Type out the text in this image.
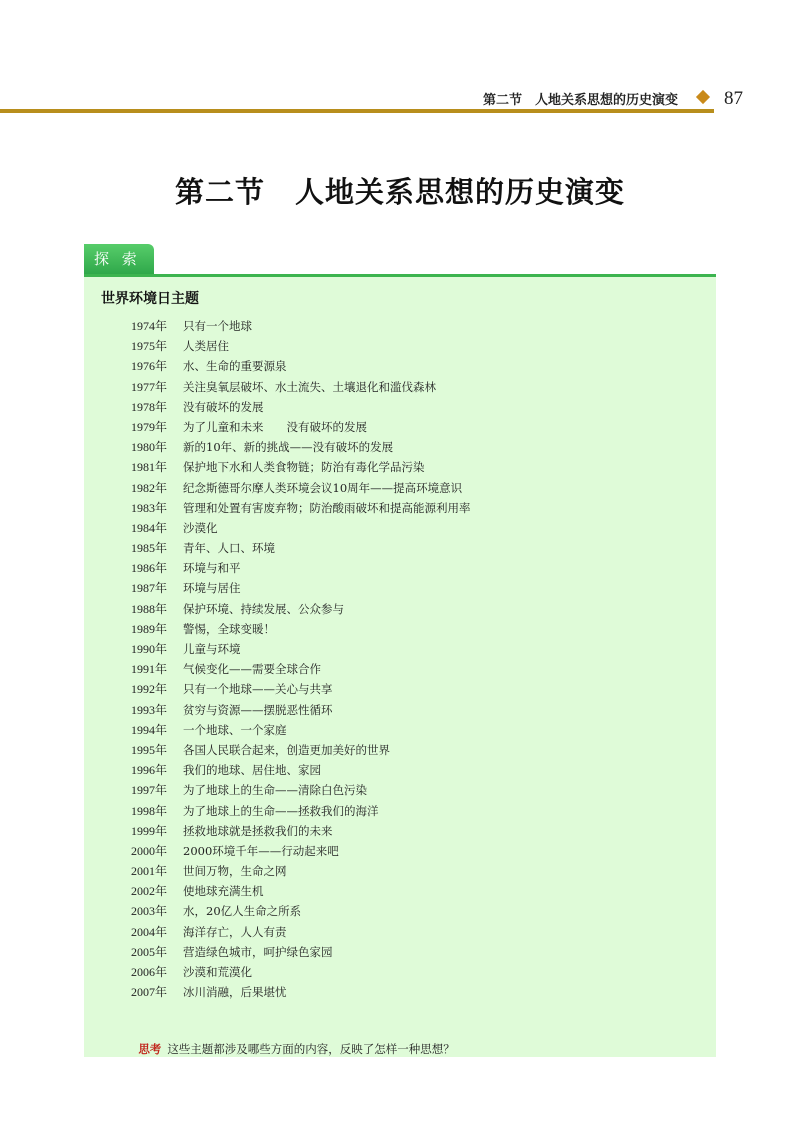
第二节　人地关系思想的历史演变 87
第二节　人地关系思想的历史演变
探 索
世界环境日主题
1974年 只有一个地球
1975年 人类居住
1976年 水、生命的重要源泉
1977年 关注臭氧层破坏、水土流失、土壤退化和滥伐森林
1978年 没有破坏的发展
1979年 为了儿童和未来　　没有破坏的发展
1980年 新的10年、新的挑战——没有破坏的发展
1981年 保护地下水和人类食物链；防治有毒化学品污染
1982年 纪念斯德哥尔摩人类环境会议10周年——提高环境意识
1983年 管理和处置有害废弃物；防治酸雨破坏和提高能源利用率
1984年 沙漠化
1985年 青年、人口、环境
1986年 环境与和平
1987年 环境与居住
1988年 保护环境、持续发展、公众参与
1989年 警惕，全球变暖！
1990年 儿童与环境
1991年 气候变化——需要全球合作
1992年 只有一个地球——关心与共享
1993年 贫穷与资源——摆脱恶性循环
1994年 一个地球、一个家庭
1995年 各国人民联合起来，创造更加美好的世界
1996年 我们的地球、居住地、家园
1997年 为了地球上的生命——清除白色污染
1998年 为了地球上的生命——拯救我们的海洋
1999年 拯救地球就是拯救我们的未来
2000年 2000环境千年——行动起来吧
2001年 世间万物，生命之网
2002年 使地球充满生机
2003年 水，20亿人生命之所系
2004年 海洋存亡，人人有责
2005年 营造绿色城市，呵护绿色家园
2006年 沙漠和荒漠化
2007年 冰川消融，后果堪忧

思考 这些主题都涉及哪些方面的内容，反映了怎样一种思想？
